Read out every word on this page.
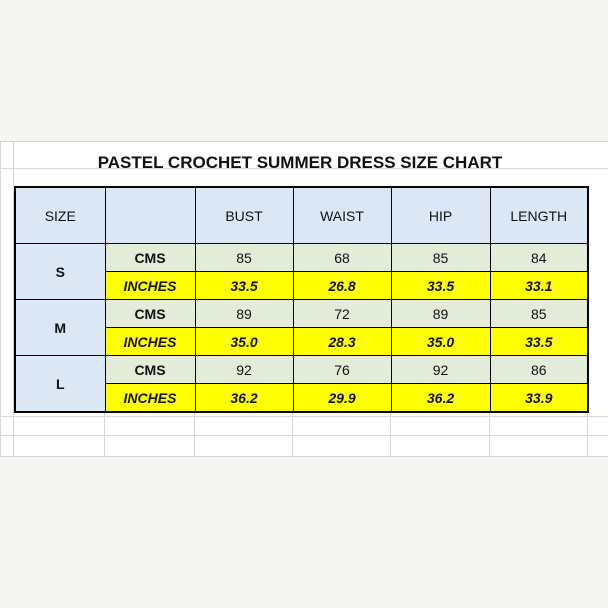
PASTEL CROCHET SUMMER DRESS SIZE CHART
SIZE		BUST	WAIST	HIP	LENGTH
S	CMS	85	68	85	84
	INCHES	33.5	26.8	33.5	33.1
M	CMS	89	72	89	85
	INCHES	35.0	28.3	35.0	33.5
L	CMS	92	76	92	86
	INCHES	36.2	29.9	36.2	33.9
